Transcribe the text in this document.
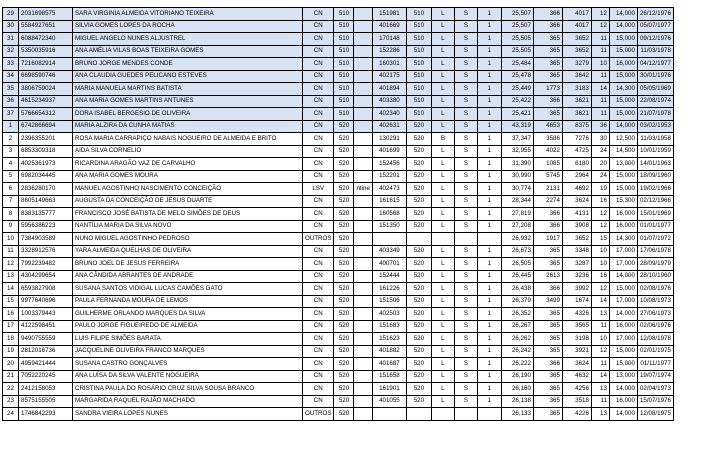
29	2031698575	SARA VIRGINIA ALMEIDA VITORIANO TEIXEIRA	CN	510		151981	510	L	S	1	25,507	366	4017	12	14,000	26/12/1976
30	5584927651	SILVIA GOMES LOPES DA ROCHA	CN	510		401669	510	L	S	1	25,507	366	4017	12	14,000	05/07/1977
31	6088472340	MIGUEL ANGELO NUNES ALJUSTREL	CN	510		170148	510	L	S	1	25,505	365	3652	11	15,000	09/12/1976
32	5350035916	ANA AMÉLIA VILAS BOAS TEIXEIRA GOMES	CN	510		152286	510	L	S	1	25,505	365	3652	11	15,000	11/03/1978
33	7216082914	BRUNO JORGE MENDES CONDE	CN	510		160301	510	L	S	1	25,484	365	3279	10	16,000	04/12/1977
34	6698590746	ANA CLAUDIA GUEDES PELICANO ESTEVES	CN	510		402175	510	L	S	1	25,478	365	3642	11	15,000	30/01/1976
35	3806759024	MARIA MANUELA MARTINS BATISTA	CN	510		401894	510	L	S	1	25,449	1773	3183	14	14,300	05/05/1969
36	4615234937	ANA MARIA GOMES MARTINS ANTUNES	CN	510		403380	510	L	S	1	25,422	366	3621	11	15,000	22/08/1974
37	5766654312	DORA ISABEL BERGESIO DE OLIVEIRA	CN	510		402340	510	L	S	1	25,421	365	3621	11	15,000	21/07/1978
1	6742866694	MARIA ALZIRA DA CUNHA MATIAS	CN	520		402631	520	L	S	1	43,319	4653	8375	36	14,000	03/02/1953
2	2396355201	ROSA MARIA CARRAPIÇO NABAIS NOGUEIRO DE ALMEIDA E BRITO	CN	520		130291	520	B	S	1	37,347	3586	7276	30	12,500	11/03/1958
3	6853309318	AIDA SILVA CORNELIO	CN	520		401699	520	L	S	1	32,955	4022	4725	24	14,500	10/01/1959
4	4025361973	RICARDINA ARAGÃO VAZ DE CARVALHO	CN	520		152456	520	L	S	1	31,390	1065	6180	20	13,000	14/01/1963
5	6982034445	ANA MARIA GOMES MOURA	CN	520		152201	520	L	S	1	30,990	5745	2964	24	15,000	18/09/1960
6	2836280170	MANUEL AGOSTINHO NASCIMENTO CONCEIÇÃO	LSV	520	ntine	402473	520	L	S	1	30,774	2131	4692	19	15,000	19/02/1966
7	8605149663	AUGUSTA DA CONCEIÇÃO DE JESUS DUARTE	CN	520		161615	520	L	S	1	28,344	2274	3624	16	15,300	02/12/1966
8	8383135777	FRANCISCO JOSÉ BATISTA DE MELO SIMÕES DE DEUS	CN	520		160568	520	L	S	1	27,819	366	4131	12	16,000	15/01/1969
9	5956386223	NANTÍLIA MARIA DA SILVA NOVO	CN	520		151350	520	L	S	1	27,208	366	3908	12	16,000	01/01/1977
10	7384903589	NUNO MIGUEL AGOSTINHO PEDROSO	OUTROS	520							26,932	1917	3652	15	14,300	01/07/1972
11	3328912576	YARA ALMEIDA QUELHAS DE OLIVEIRA	CN	520		403349	520	L	S	1	26,673	365	3348	10	17,000	17/06/1978
12	7992239482	BRUNO JOEL DE JESUS FERREIRA	CN	520		400701	520	L	S	1	26,505	365	3287	10	17,000	28/09/1979
13	4304299654	ANA CÂNDIDA ABRANTES DE ANDRADE	CN	520		152444	520	L	S	1	26,445	2613	3236	16	14,000	28/10/1960
14	6593827908	SUSANA SANTOS VIDIGAL LUCAS CAMÕES GATO	CN	520		161226	520	L	S	1	26,438	366	3992	12	15,000	02/08/1976
15	9977640696	PAULA FERNANDA MOURA DE LEMOS	CN	520		151506	520	L	S	1	26,379	3499	1674	14	17,000	10/08/1973
16	1003379443	GUILHERME ORLANDO MARQUES DA SILVA	CN	520		402503	520	L	S	1	26,352	365	4326	13	14,000	27/06/1973
17	4122598451	PAULO JORGE FIGUEIREDO DE ALMEIDA	CN	520		151683	520	L	S	1	26,267	365	3565	11	16,000	02/06/1976
18	9490755559	LUIS FILIPE SIMÕES BARATA	CN	520		151623	520	L	S	1	26,262	365	3198	10	17,000	12/08/1978
19	2812016736	JACQUELINE OLIVEIRA FRANCO MARQUES	CN	520		401882	520	L	S	1	26,242	365	3921	12	15,000	02/01/1975
20	4959421444	SUSANA CASTRO GONÇALVES	CN	520		401687	520	L	S	1	26,222	366	3624	11	15,000	01/11/1977
21	7052220245	ANA LUÍSA DA SILVA VALENTE NOGUEIRA	CN	520		151658	520	L	S	1	26,190	365	4632	14	13,000	19/07/1974
22	2412158053	CRISTINA PAULA DO ROSÁRIO CRUZ SILVA SOUSA BRANCO	CN	520		161901	520	L	S	1	26,160	365	4256	13	14,000	02/04/1973
23	8575155505	MARGARIDA RAQUEL RAJÃO MACHADO	CN	520		401055	520	L	S	1	26,138	365	3518	11	16,000	15/07/1976
24	1746842293	SANDRA VIEIRA LOPES NUNES	OUTROS	520							26,133	365	4226	13	14,000	12/08/1975
